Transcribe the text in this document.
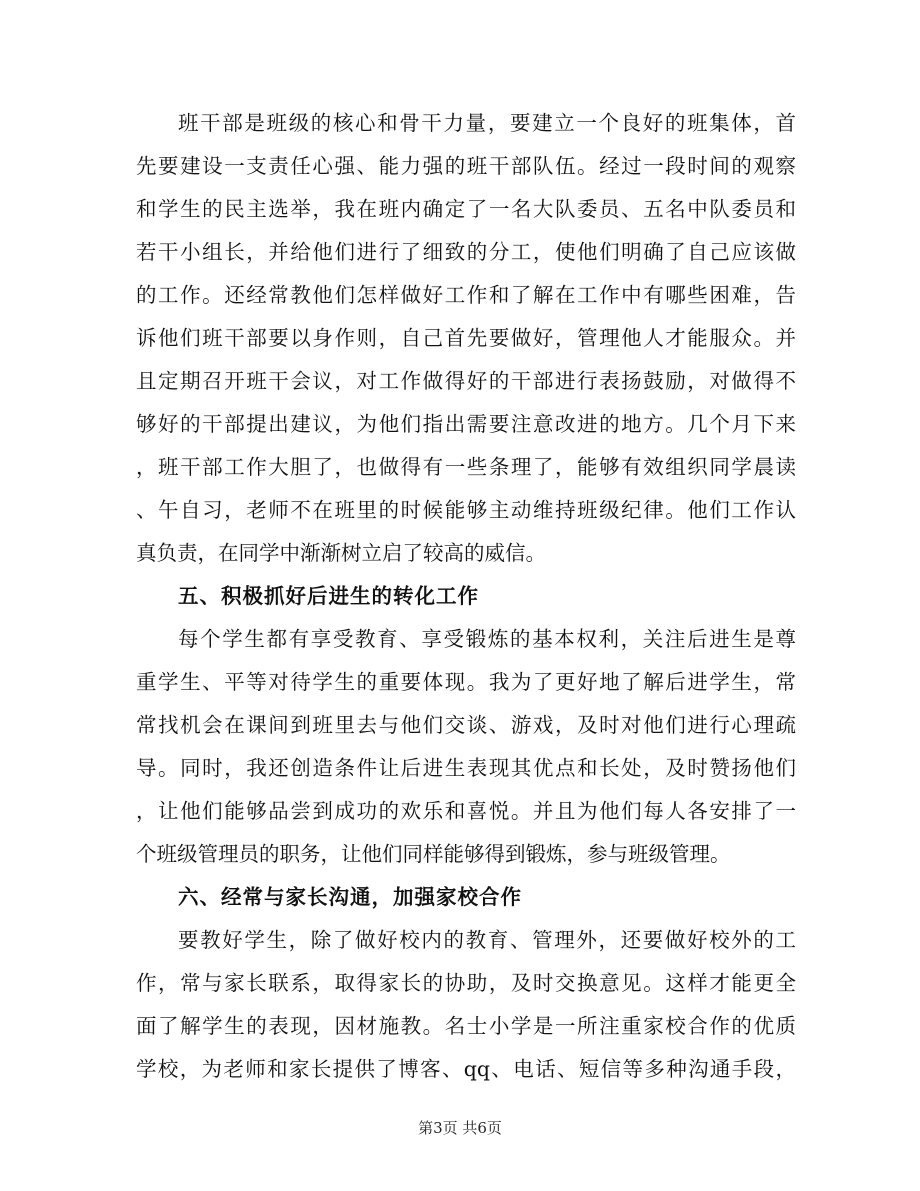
班干部是班级的核心和骨干力量，要建立一个良好的班集体，首
先要建设一支责任心强、能力强的班干部队伍。经过一段时间的观察
和学生的民主选举，我在班内确定了一名大队委员、五名中队委员和
若干小组长，并给他们进行了细致的分工，使他们明确了自己应该做
的工作。还经常教他们怎样做好工作和了解在工作中有哪些困难，告
诉他们班干部要以身作则，自己首先要做好，管理他人才能服众。并
且定期召开班干会议，对工作做得好的干部进行表扬鼓励，对做得不
够好的干部提出建议，为他们指出需要注意改进的地方。几个月下来
，班干部工作大胆了，也做得有一些条理了，能够有效组织同学晨读
、午自习，老师不在班里的时候能够主动维持班级纪律。他们工作认
真负责，在同学中渐渐树立启了较高的威信。
五、积极抓好后进生的转化工作
每个学生都有享受教育、享受锻炼的基本权利，关注后进生是尊
重学生、平等对待学生的重要体现。我为了更好地了解后进学生，常
常找机会在课间到班里去与他们交谈、游戏，及时对他们进行心理疏
导。同时，我还创造条件让后进生表现其优点和长处，及时赞扬他们
，让他们能够品尝到成功的欢乐和喜悦。并且为他们每人各安排了一
个班级管理员的职务，让他们同样能够得到锻炼，参与班级管理。
六、经常与家长沟通，加强家校合作
要教好学生，除了做好校内的教育、管理外，还要做好校外的工
作，常与家长联系，取得家长的协助，及时交换意见。这样才能更全
面了解学生的表现，因材施教。名士小学是一所注重家校合作的优质
学校，为老师和家长提供了博客、qq、电话、短信等多种沟通手段，
第3页 共6页
